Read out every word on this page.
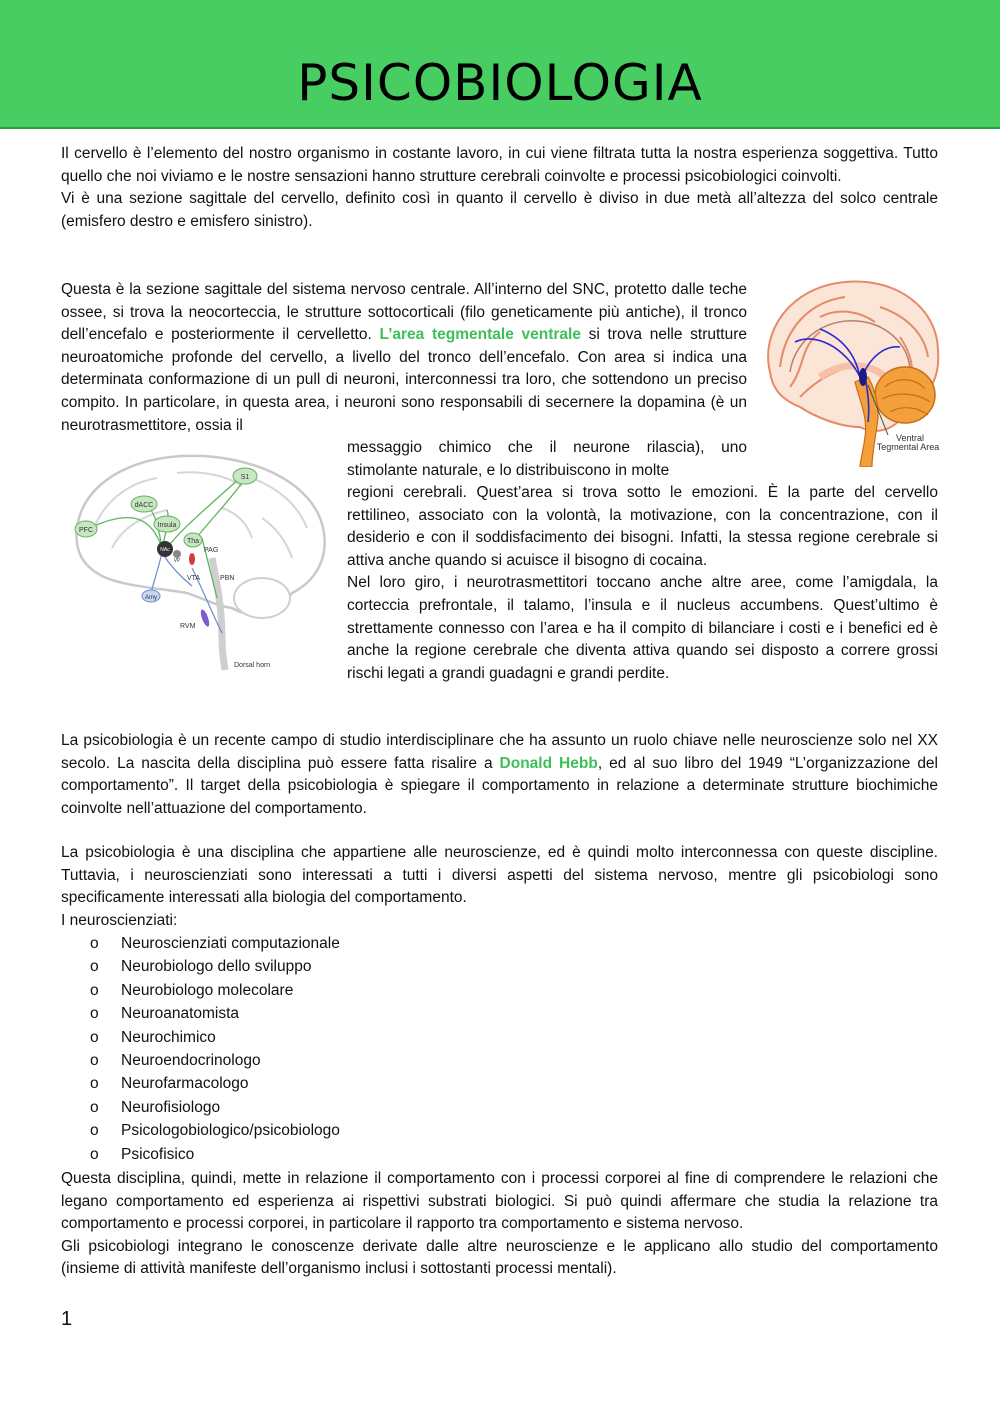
PSICOBIOLOGIA

Il cervello è l’elemento del nostro organismo in costante lavoro, in cui viene filtrata tutta la nostra esperienza soggettiva. Tutto quello che noi viviamo e le nostre sensazioni hanno strutture cerebrali coinvolte e processi psicobiologici coinvolti.

Vi è una sezione sagittale del cervello, definito così in quanto il cervello è diviso in due metà all’altezza del solco centrale (emisfero destro e emisfero sinistro).

Questa è la sezione sagittale del sistema nervoso centrale. All’interno del SNC, protetto dalle teche ossee, si trova la neocorteccia, le strutture sottocorticali (filo geneticamente più antiche), il tronco dell’encefalo e posteriormente il cervelletto. L’area tegmentale ventrale si trova nelle strutture neuroatomiche profonde del cervello, a livello del tronco dell’encefalo. Con area si indica una determinata conformazione di un pull di neuroni, interconnessi tra loro, che sottendono un preciso compito. In particolare, in questa area, i neuroni sono responsabili di secernere la dopamina (è un neurotrasmettitore, ossia il

messaggio chimico che il neurone rilascia), uno stimolante naturale, e lo distribuiscono in molte

regioni cerebrali. Quest’area si trova sotto le emozioni. È la parte del cervello rettilineo, associato con la volontà, la motivazione, con la concentrazione, con il desiderio e con il soddisfacimento dei bisogni. Infatti, la stessa regione cerebrale si attiva anche quando si acuisce il bisogno di cocaina.

Nel loro giro, i neurotrasmettitori toccano anche altre aree, come l’amigdala, la corteccia prefrontale, il talamo, l’insula e il nucleus accumbens. Quest’ultimo è strettamente connesso con l’area e ha il compito di bilanciare i costi e i benefici ed è anche la regione cerebrale che diventa attiva quando sei disposto a correre grossi rischi legati a grandi guadagni e grandi perdite.

Ventral
Tegmental Area
S1
dACC
Insula
PFC
Tha
NAc
VP
PAG
VTA	PBN
Amy
RVM
Dorsal horn

La psicobiologia è un recente campo di studio interdisciplinare che ha assunto un ruolo chiave nelle neuroscienze solo nel XX secolo. La nascita della disciplina può essere fatta risalire a Donald Hebb, ed al suo libro del 1949 “L’organizzazione del comportamento”. Il target della psicobiologia è spiegare il comportamento in relazione a determinate strutture biochimiche coinvolte nell’attuazione del comportamento.

La psicobiologia è una disciplina che appartiene alle neuroscienze, ed è quindi molto interconnessa con queste discipline. Tuttavia, i neuroscienziati sono interessati a tutti i diversi aspetti del sistema nervoso, mentre gli psicobiologi sono specificamente interessati alla biologia del comportamento.

I neuroscienziati:

o Neuroscienziati computazionale
o Neurobiologo dello sviluppo
o Neurobiologo molecolare
o Neuroanatomista
o Neurochimico
o Neuroendocrinologo
o Neurofarmacologo
o Neurofisiologo
o Psicologobiologico/psicobiologo
o Psicofisico

Questa disciplina, quindi, mette in relazione il comportamento con i processi corporei al fine di comprendere le relazioni che legano comportamento ed esperienza ai rispettivi substrati biologici. Si può quindi affermare che studia la relazione tra comportamento e processi corporei, in particolare il rapporto tra comportamento e sistema nervoso.

Gli psicobiologi integrano le conoscenze derivate dalle altre neuroscienze e le applicano allo studio del comportamento (insieme di attività manifeste dell’organismo inclusi i sottostanti processi mentali).

1
